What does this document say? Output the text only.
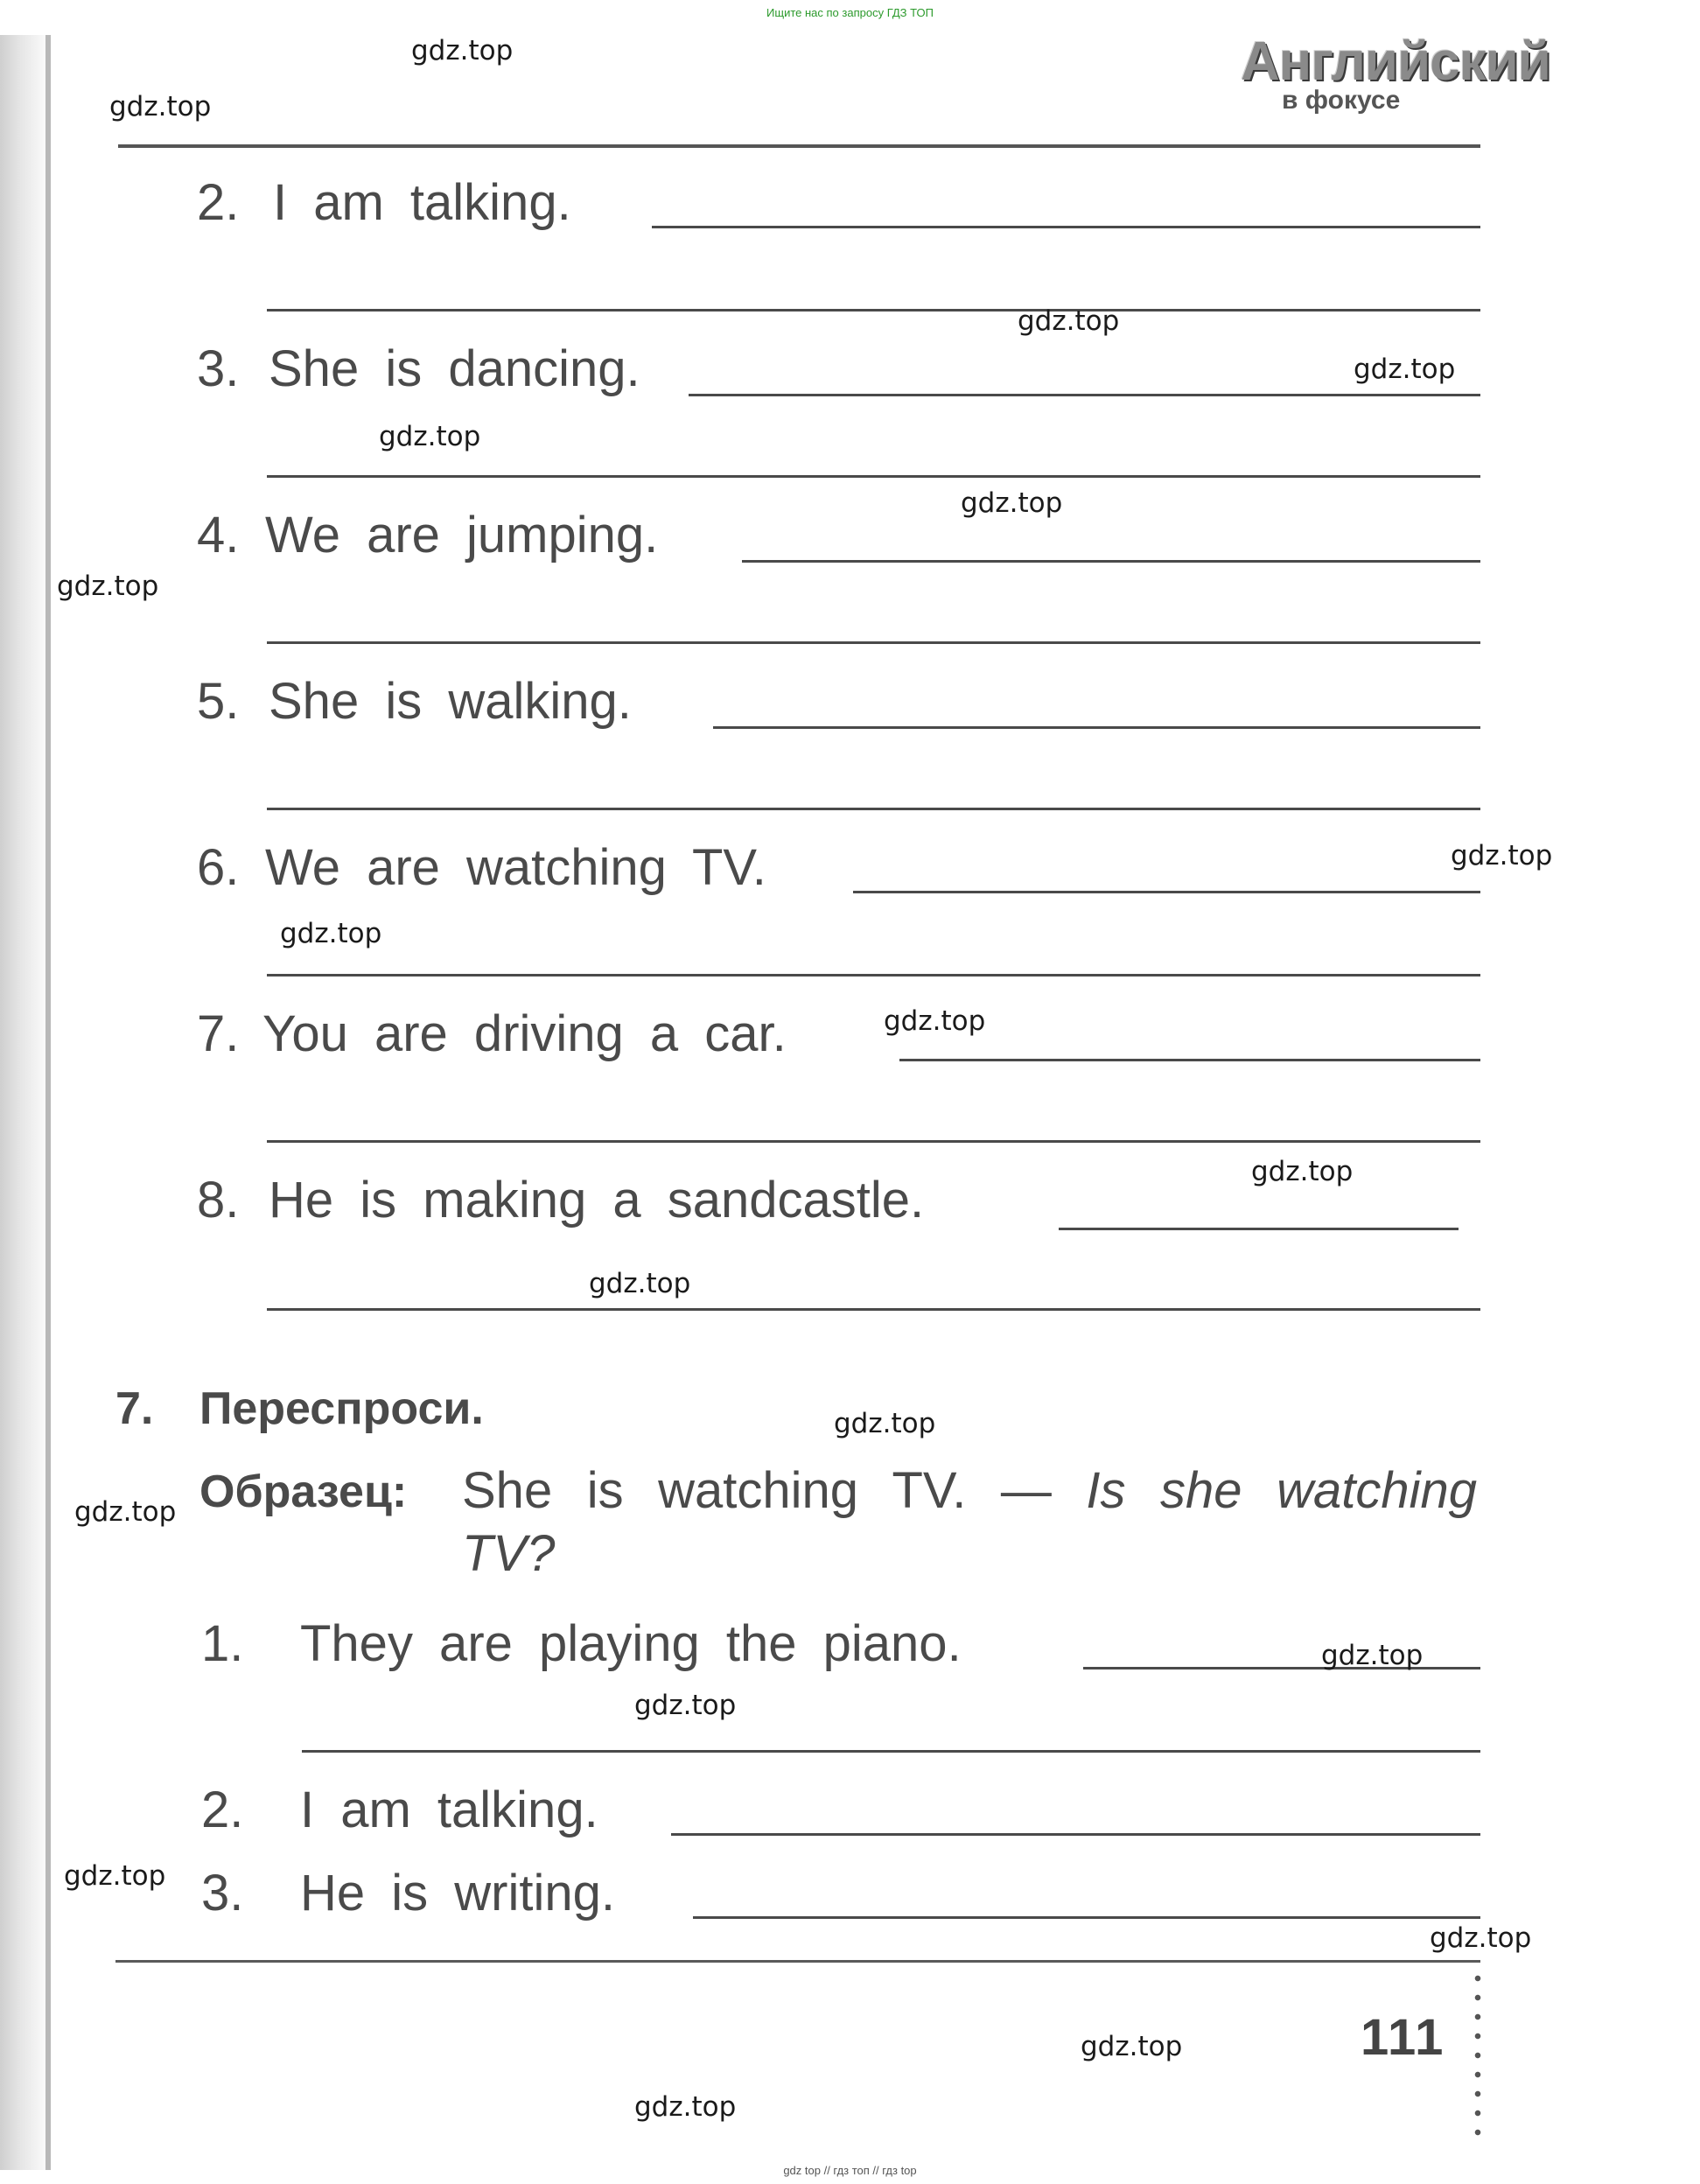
Ищите нас по запросу ГДЗ ТОП
Английский
в фокусе
2. I am talking.
3. She is dancing.
4. We are jumping.
5. She is walking.
6. We are watching TV.
7. You are driving a car.
8. He is making a sandcastle.
7. Переспроси.
Образец: She is watching TV. — Is she watching TV?
1. They are playing the piano.
2. I am talking.
3. He is writing.
111
gdz.top
gdz.top
gdz.top
gdz.top
gdz.top
gdz.top
gdz.top
gdz.top
gdz.top
gdz.top
gdz.top
gdz.top
gdz.top
gdz.top
gdz.top
gdz.top
gdz.top
gdz.top
gdz.top
gdz.top
gdz top // гдз топ // гдз top
